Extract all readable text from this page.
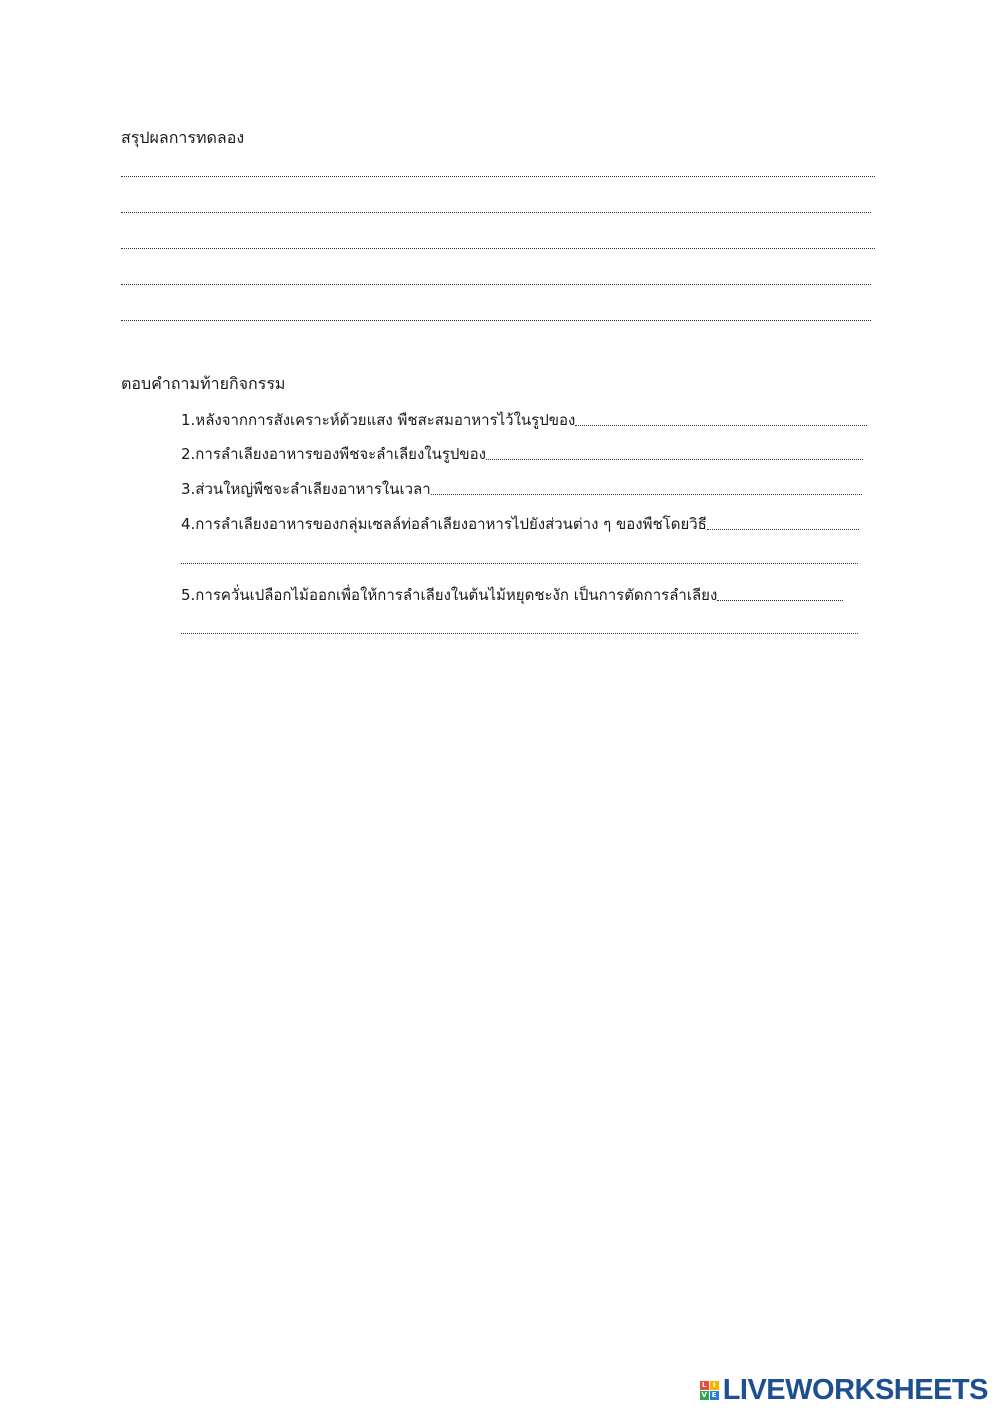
สรุปผลการทดลอง
ตอบคำถามท้ายกิจกรรม
1.หลังจากการสังเคราะห์ด้วยแสง พืชสะสมอาหารไว้ในรูปของ
2.การลำเลียงอาหารของพืชจะลำเลียงในรูปของ
3.ส่วนใหญ่พืชจะลำเลียงอาหารในเวลา
4.การลำเลียงอาหารของกลุ่มเซลล์ท่อลำเลียงอาหารไปยังส่วนต่าง ๆ ของพืชโดยวิธี
5.การควั่นเปลือกไม้ออกเพื่อให้การลำเลียงในต้นไม้หยุดชะงัก เป็นการตัดการลำเลียง
L I
V E LIVEWORKSHEETS
